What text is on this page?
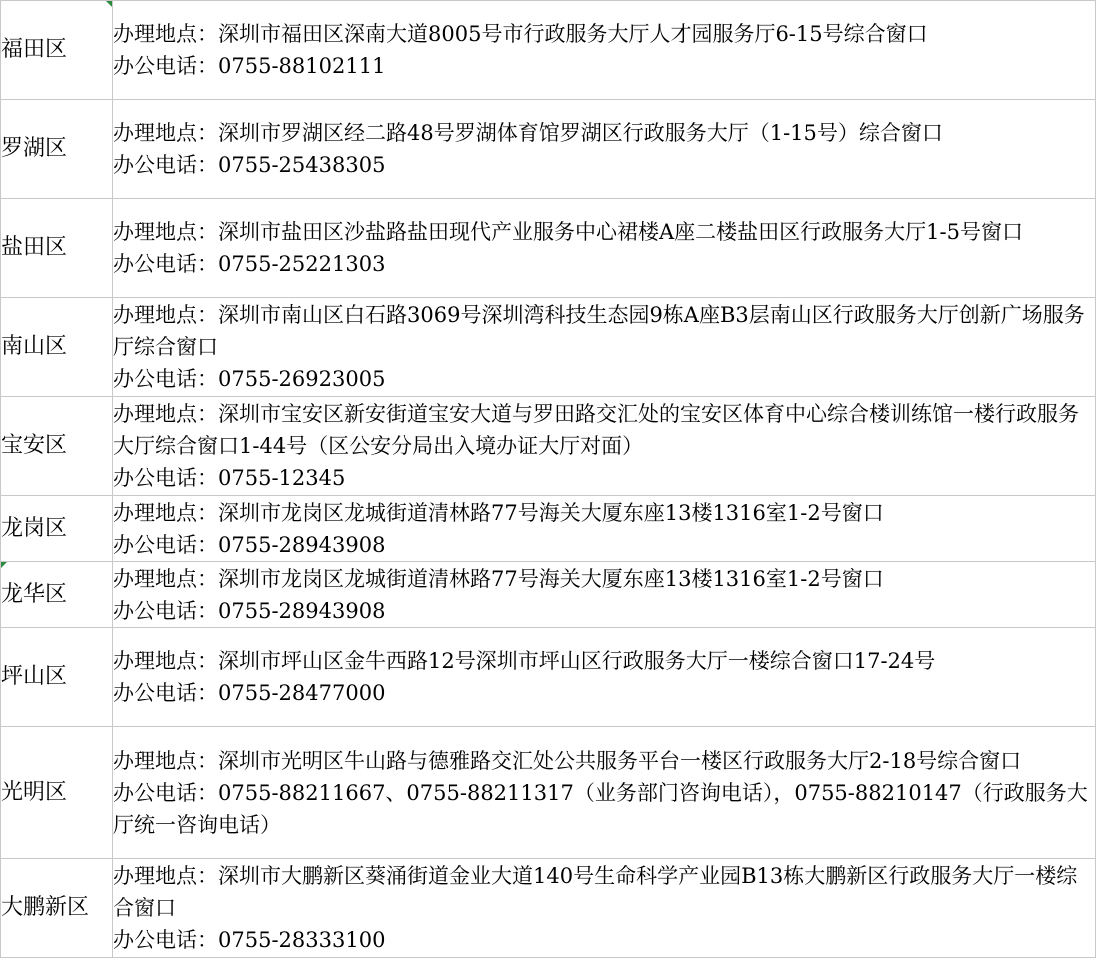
福田区	办理地点：深圳市福田区深南大道8005号市行政服务大厅人才园服务厅6-15号综合窗口
办公电话：0755-88102111

罗湖区	办理地点：深圳市罗湖区经二路48号罗湖体育馆罗湖区行政服务大厅（1-15号）综合窗口
办公电话：0755-25438305

盐田区	办理地点：深圳市盐田区沙盐路盐田现代产业服务中心裙楼A座二楼盐田区行政服务大厅1-5号窗口
办公电话：0755-25221303

南山区	办理地点：深圳市南山区白石路3069号深圳湾科技生态园9栋A座B3层南山区行政服务大厅创新广场服务厅综合窗口
办公电话：0755-26923005

宝安区	办理地点：深圳市宝安区新安街道宝安大道与罗田路交汇处的宝安区体育中心综合楼训练馆一楼行政服务大厅综合窗口1-44号（区公安分局出入境办证大厅对面）
办公电话：0755-12345

龙岗区	办理地点：深圳市龙岗区龙城街道清林路77号海关大厦东座13楼1316室1-2号窗口
办公电话：0755-28943908

龙华区	办理地点：深圳市龙岗区龙城街道清林路77号海关大厦东座13楼1316室1-2号窗口
办公电话：0755-28943908

坪山区	办理地点：深圳市坪山区金牛西路12号深圳市坪山区行政服务大厅一楼综合窗口17-24号
办公电话：0755-28477000

光明区	办理地点：深圳市光明区牛山路与德雅路交汇处公共服务平台一楼区行政服务大厅2-18号综合窗口
办公电话：0755-88211667、0755-88211317（业务部门咨询电话），0755-88210147（行政服务大厅统一咨询电话）

大鹏新区	办理地点：深圳市大鹏新区葵涌街道金业大道140号生命科学产业园B13栋大鹏新区行政服务大厅一楼综合窗口
办公电话：0755-28333100
